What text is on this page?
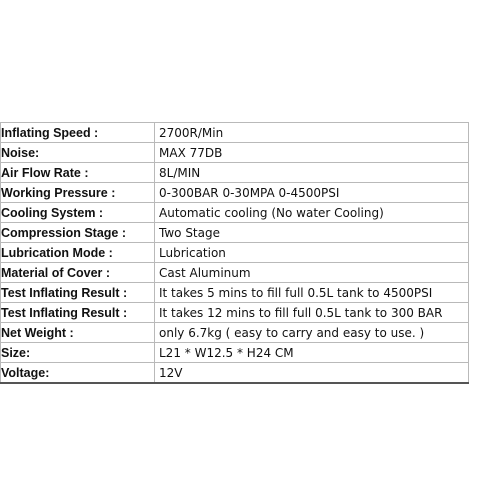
Inflating Speed :	2700R/Min
Noise:	MAX 77DB
Air Flow Rate :	8L/MIN
Working Pressure :	0-300BAR 0-30MPA 0-4500PSI
Cooling System :	Automatic cooling (No water Cooling)
Compression Stage :	Two Stage
Lubrication Mode :	Lubrication
Material of Cover :	Cast Aluminum
Test Inflating Result :	It takes 5 mins to fill full 0.5L tank to 4500PSI
Test Inflating Result :	It takes 12 mins to fill full 0.5L tank to 300 BAR
Net Weight :	only 6.7kg ( easy to carry and easy to use. )
Size:	L21 * W12.5 * H24 CM
Voltage:	12V
